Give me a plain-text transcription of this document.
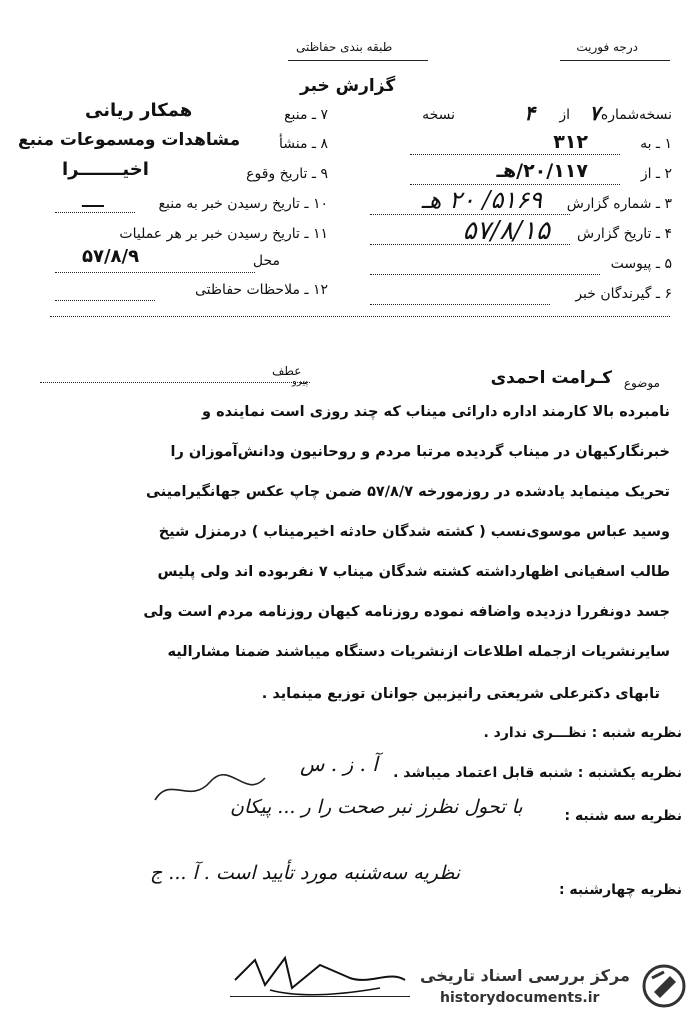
درجه فوریت
طبقه بندی حفاظتی
گزارش خبر
نسخه‌شماره
۷
از
۴
نسخه
۱ ـ به
۳۱۲
۲ ـ از
۲۰/۱۱۷/هـ
۳ ـ شماره گزارش
۵۱۶۹/ ۲۰ هـ
۴ ـ تاریخ گزارش
۵۷/۸/۱۵
۵ ـ پیوست
۶ ـ گیرندگان خبر
۷ ـ منبع
همکار ریانی
۸ ـ منشأ
مشاهدات ومسموعات منبع
۹ ـ تاریخ وقوع
اخیـــــــرا
۱۰ ـ تاریخ رسیدن خبر به منبع
ــــ
۱۱ ـ تاریخ رسیدن خبر بر هر عملیات
محل
۵۷/۸/۹
۱۲ ـ ملاحظات حفاظتی
عطف
پیرو	موضوع
کـرامت احمدی
نامبرده بالا کارمند اداره دارائی میناب که چند روزی است نماینده و
خبرنگارکیهان در میناب گردیده مرتبا مردم و روحانیون ودانش‌آموزان را
تحریک مینماید یادشده در روزمورخه ۵۷/۸/۷ ضمن چاپ عکس جهانگیرامینی
وسید عباس موسوی‌نسب ( کشته شدگان حادثه اخیرمیناب ) درمنزل شیخ
طالب اسفیانی اظهارداشته کشته شدگان میناب ۷ نفربوده اند ولی پلیس
جسد دونفررا دزدیده واضافه نموده روزنامه کیهان روزنامه مردم است ولی
سایرنشریات ازجمله اطلاعات ازنشریات دستگاه میباشند ضمنا مشارالیه
تابهای دکترعلی شریعتی رانیزبین جوانان توزیع مینماید .
نظریه شنبه : نظـــری ندارد .
نظریه یکشنبه : شنبه قابل اعتماد میباشد .
آ . ز . س
نظریه سه شنبه :
با تحول نظرز نبر صحت را ر ... پیکان
نظریه چهارشنبه :
نظریه سه‌شنبه مورد تأیید است . آ ... ج
مرکز بررسی اسناد تاریخی
historydocuments.ir
